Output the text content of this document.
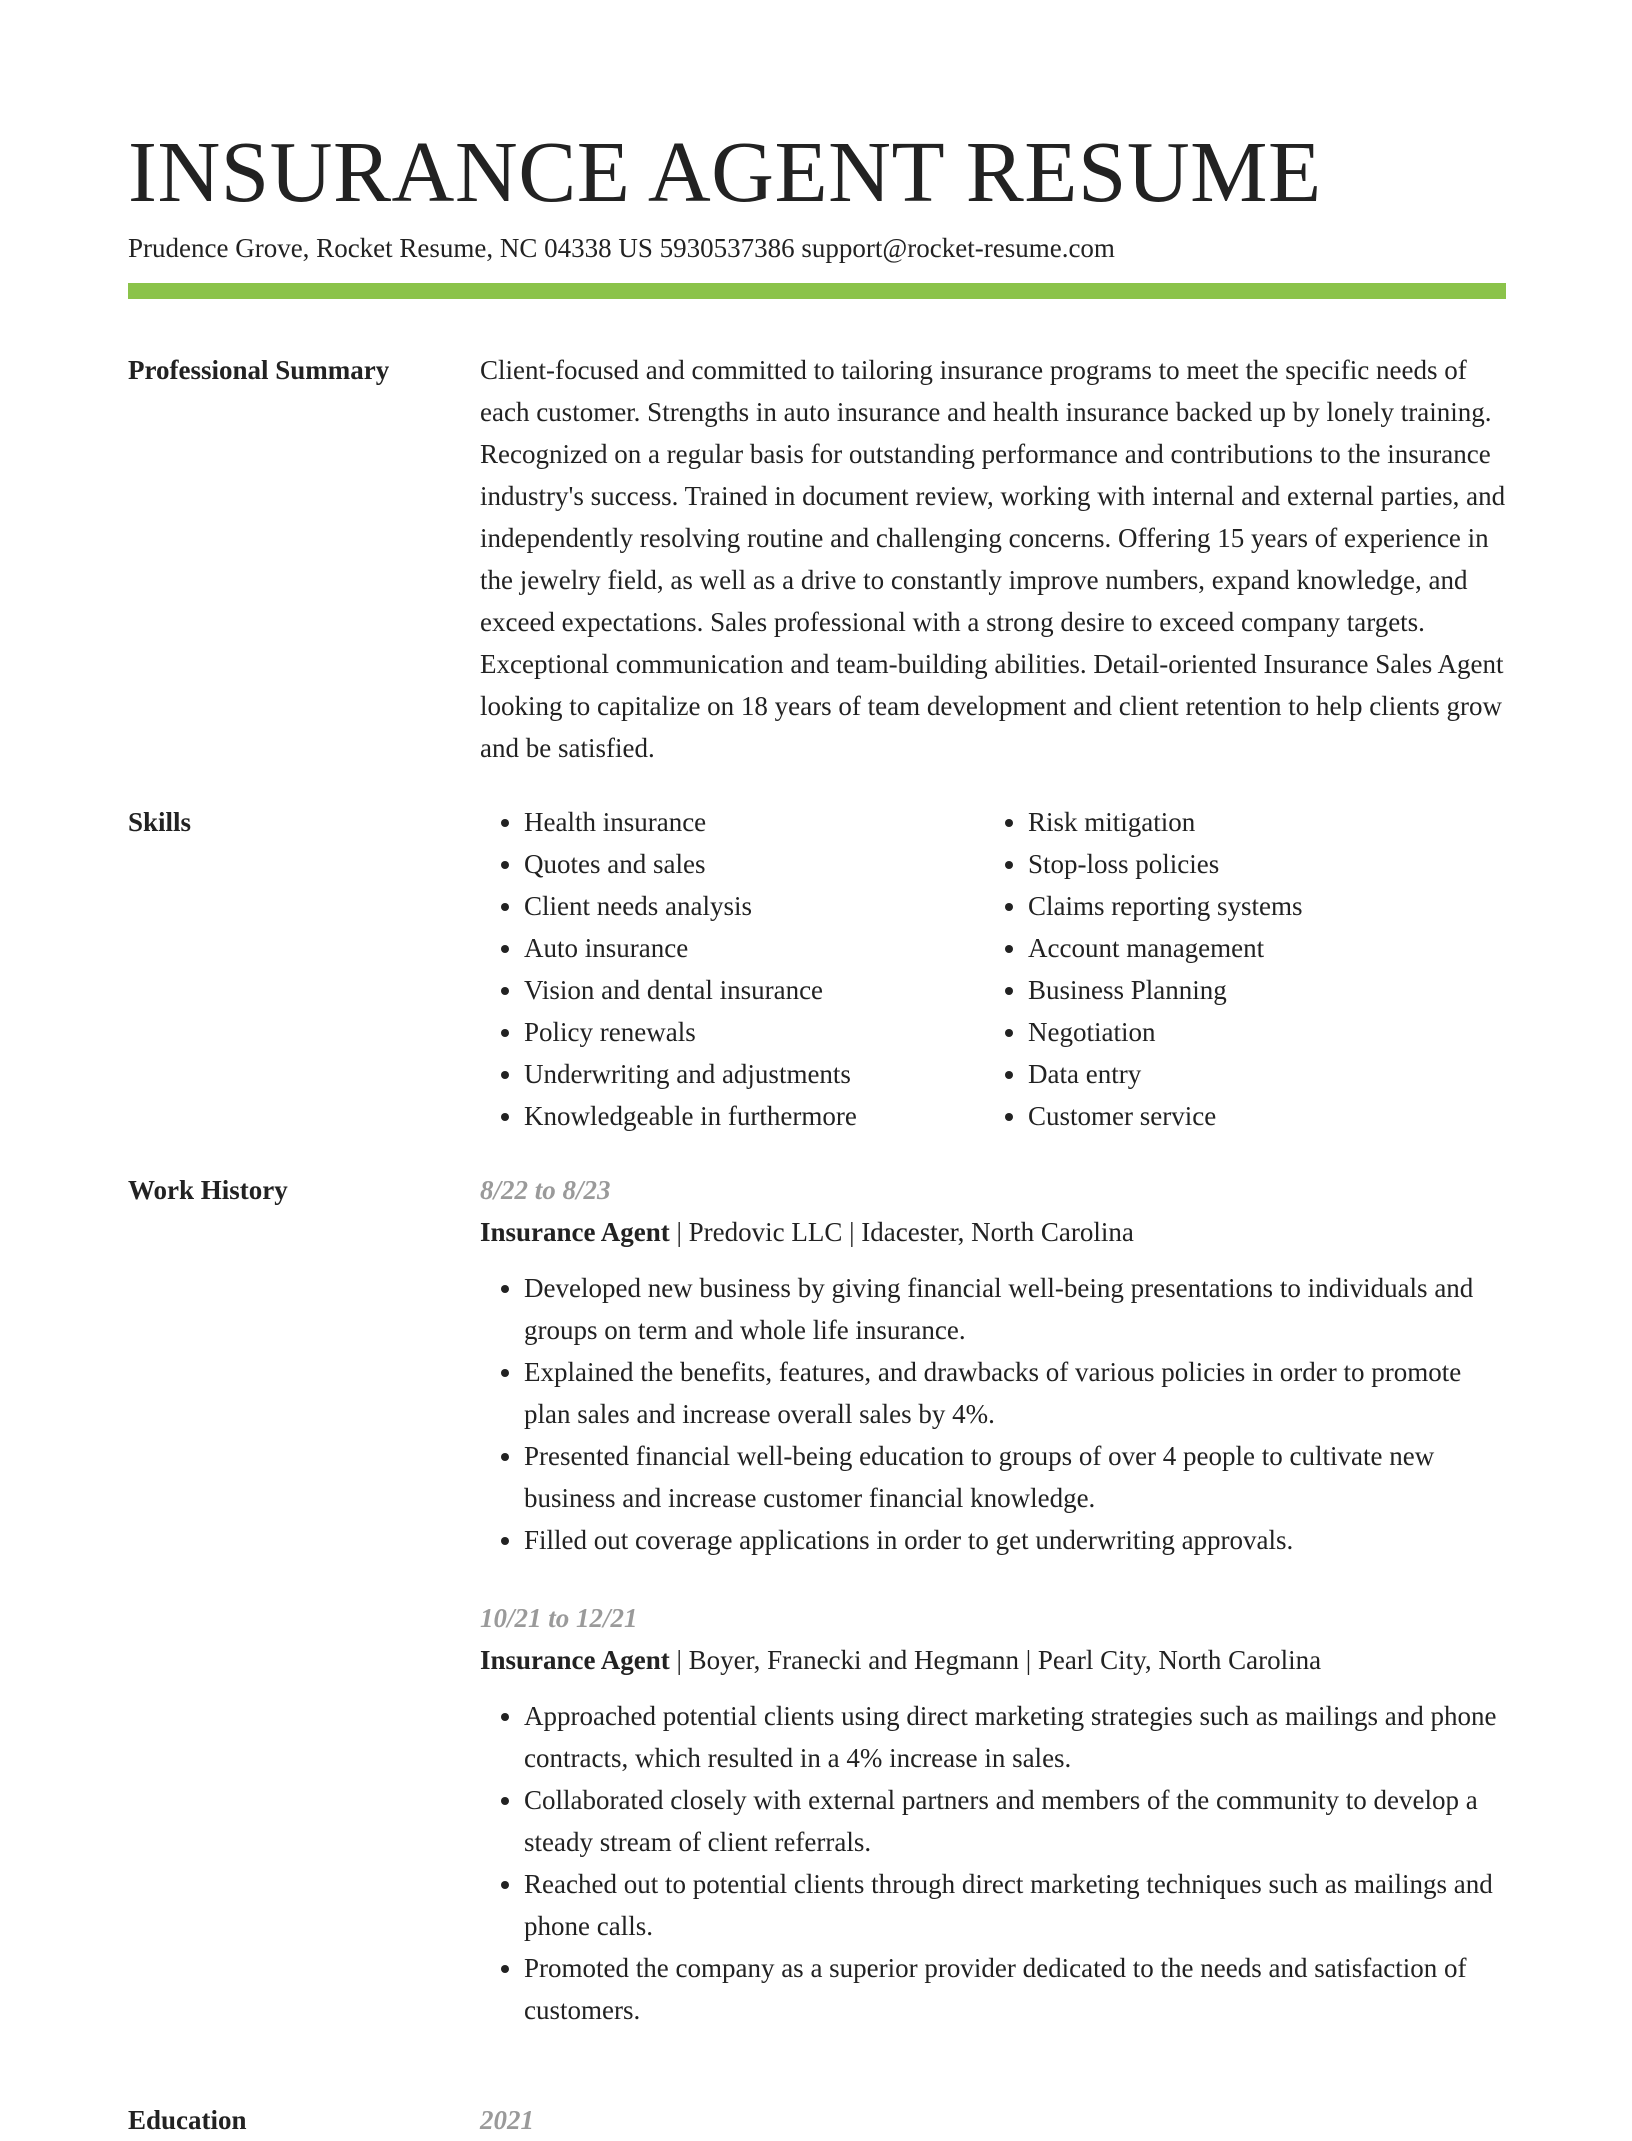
INSURANCE AGENT RESUME
Prudence Grove, Rocket Resume, NC 04338 US 5930537386 support@rocket-resume.com
Professional Summary	Client-focused and committed to tailoring insurance programs to meet the specific needs of each customer. Strengths in auto insurance and health insurance backed up by lonely training. Recognized on a regular basis for outstanding performance and contributions to the insurance industry's success. Trained in document review, working with internal and external parties, and independently resolving routine and challenging concerns. Offering 15 years of experience in the jewelry field, as well as a drive to constantly improve numbers, expand knowledge, and exceed expectations. Sales professional with a strong desire to exceed company targets. Exceptional communication and team-building abilities. Detail-oriented Insurance Sales Agent looking to capitalize on 18 years of team development and client retention to help clients grow and be satisfied.

Skills
•	Health insurance
• Quotes and sales
• Client needs analysis
• Auto insurance
• Vision and dental insurance
• Policy renewals
• Underwriting and adjustments
• Knowledgeable in furthermore
• Risk mitigation
• Stop-loss policies
• Claims reporting systems
• Account management
• Business Planning
• Negotiation
• Data entry
• Customer service
Work History	8/22 to 8/23
Insurance Agent | Predovic LLC | Idacester, North Carolina
• Developed new business by giving financial well-being presentations to individuals and groups on term and whole life insurance.
• Explained the benefits, features, and drawbacks of various policies in order to promote plan sales and increase overall sales by 4%.
• Presented financial well-being education to groups of over 4 people to cultivate new business and increase customer financial knowledge.
• Filled out coverage applications in order to get underwriting approvals.
10/21 to 12/21
Insurance Agent | Boyer, Franecki and Hegmann | Pearl City, North Carolina
• Approached potential clients using direct marketing strategies such as mailings and phone contracts, which resulted in a 4% increase in sales.
• Collaborated closely with external partners and members of the community to develop a steady stream of client referrals.
• Reached out to potential clients through direct marketing techniques such as mailings and phone calls.
• Promoted the company as a superior provider dedicated to the needs and satisfaction of customers.
Education	2021
